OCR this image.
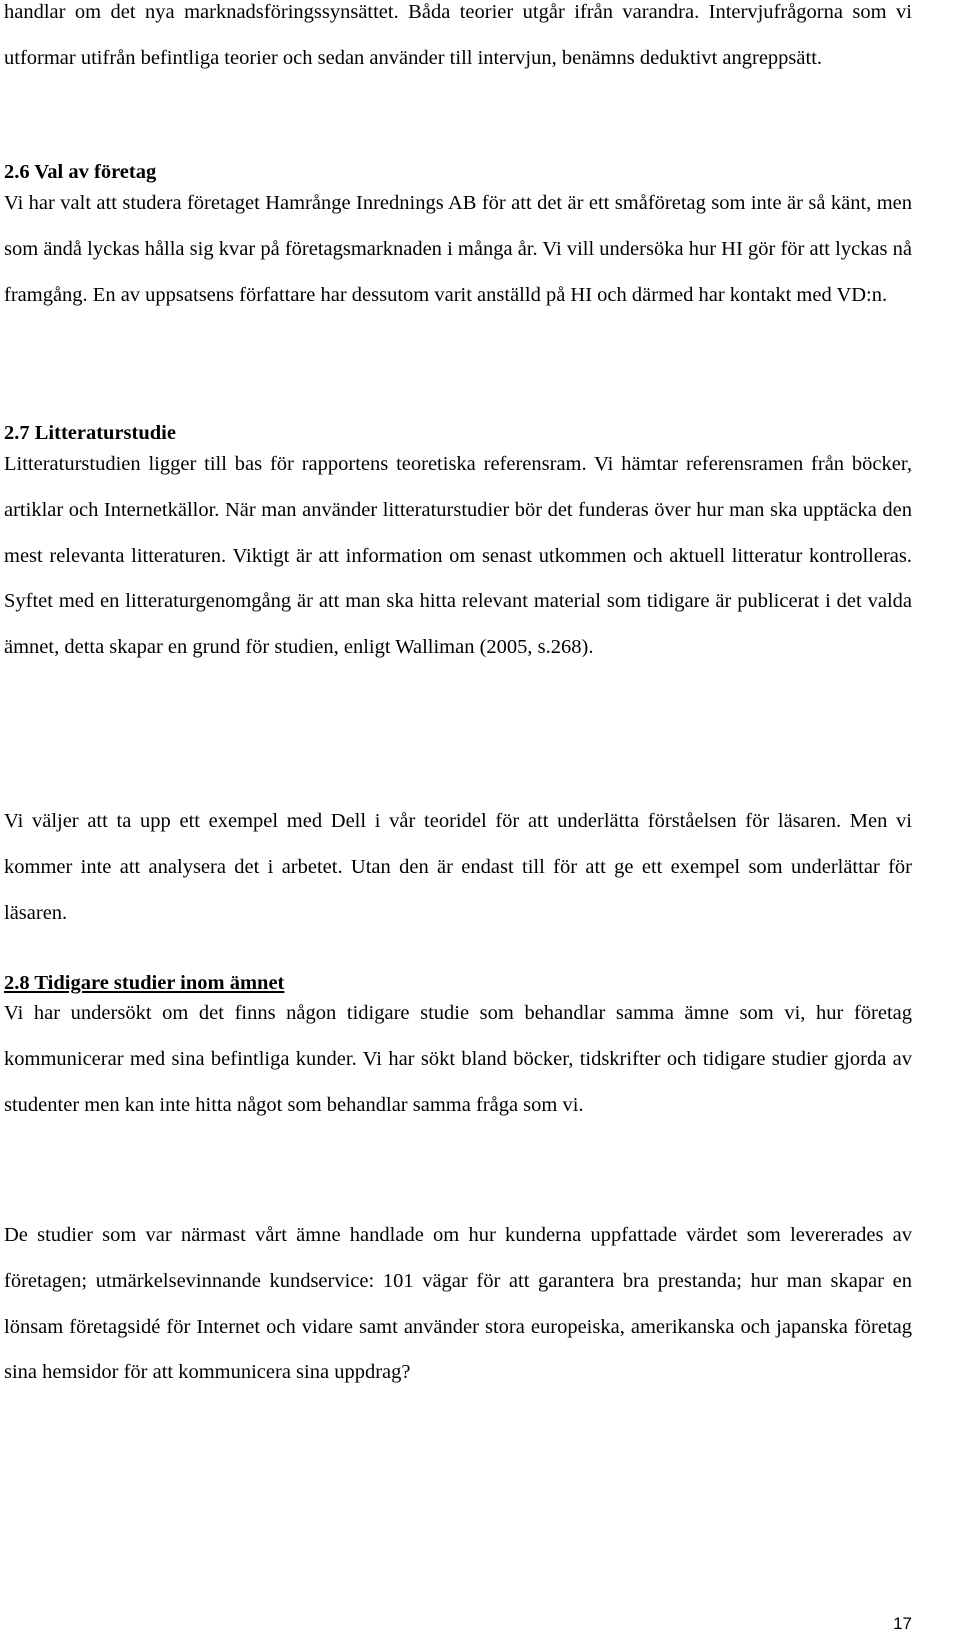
handlar om det nya marknadsföringssynsättet. Båda teorier utgår ifrån varandra. Intervjufrågorna som vi utformar utifrån befintliga teorier och sedan använder till intervjun, benämns deduktivt angreppsätt.

2.6 Val av företag

Vi har valt att studera företaget Hamrånge Inrednings AB för att det är ett småföretag som inte är så känt, men som ändå lyckas hålla sig kvar på företagsmarknaden i många år. Vi vill undersöka hur HI gör för att lyckas nå framgång. En av uppsatsens författare har dessutom varit anställd på HI och därmed har kontakt med VD:n.

2.7 Litteraturstudie

Litteraturstudien ligger till bas för rapportens teoretiska referensram. Vi hämtar referensramen från böcker, artiklar och Internetkällor. När man använder litteraturstudier bör det funderas över hur man ska upptäcka den mest relevanta litteraturen. Viktigt är att information om senast utkommen och aktuell litteratur kontrolleras. Syftet med en litteraturgenomgång är att man ska hitta relevant material som tidigare är publicerat i det valda ämnet, detta skapar en grund för studien, enligt Walliman (2005, s.268).

Vi väljer att ta upp ett exempel med Dell i vår teoridel för att underlätta förståelsen för läsaren. Men vi kommer inte att analysera det i arbetet. Utan den är endast till för att ge ett exempel som underlättar för läsaren.

2.8 Tidigare studier inom ämnet

Vi har undersökt om det finns någon tidigare studie som behandlar samma ämne som vi, hur företag kommunicerar med sina befintliga kunder. Vi har sökt bland böcker, tidskrifter och tidigare studier gjorda av studenter men kan inte hitta något som behandlar samma fråga som vi.

De studier som var närmast vårt ämne handlade om hur kunderna uppfattade värdet som levererades av företagen; utmärkelsevinnande kundservice: 101 vägar för att garantera bra prestanda; hur man skapar en lönsam företagsidé för Internet och vidare samt använder stora europeiska, amerikanska och japanska företag sina hemsidor för att kommunicera sina uppdrag?

17
